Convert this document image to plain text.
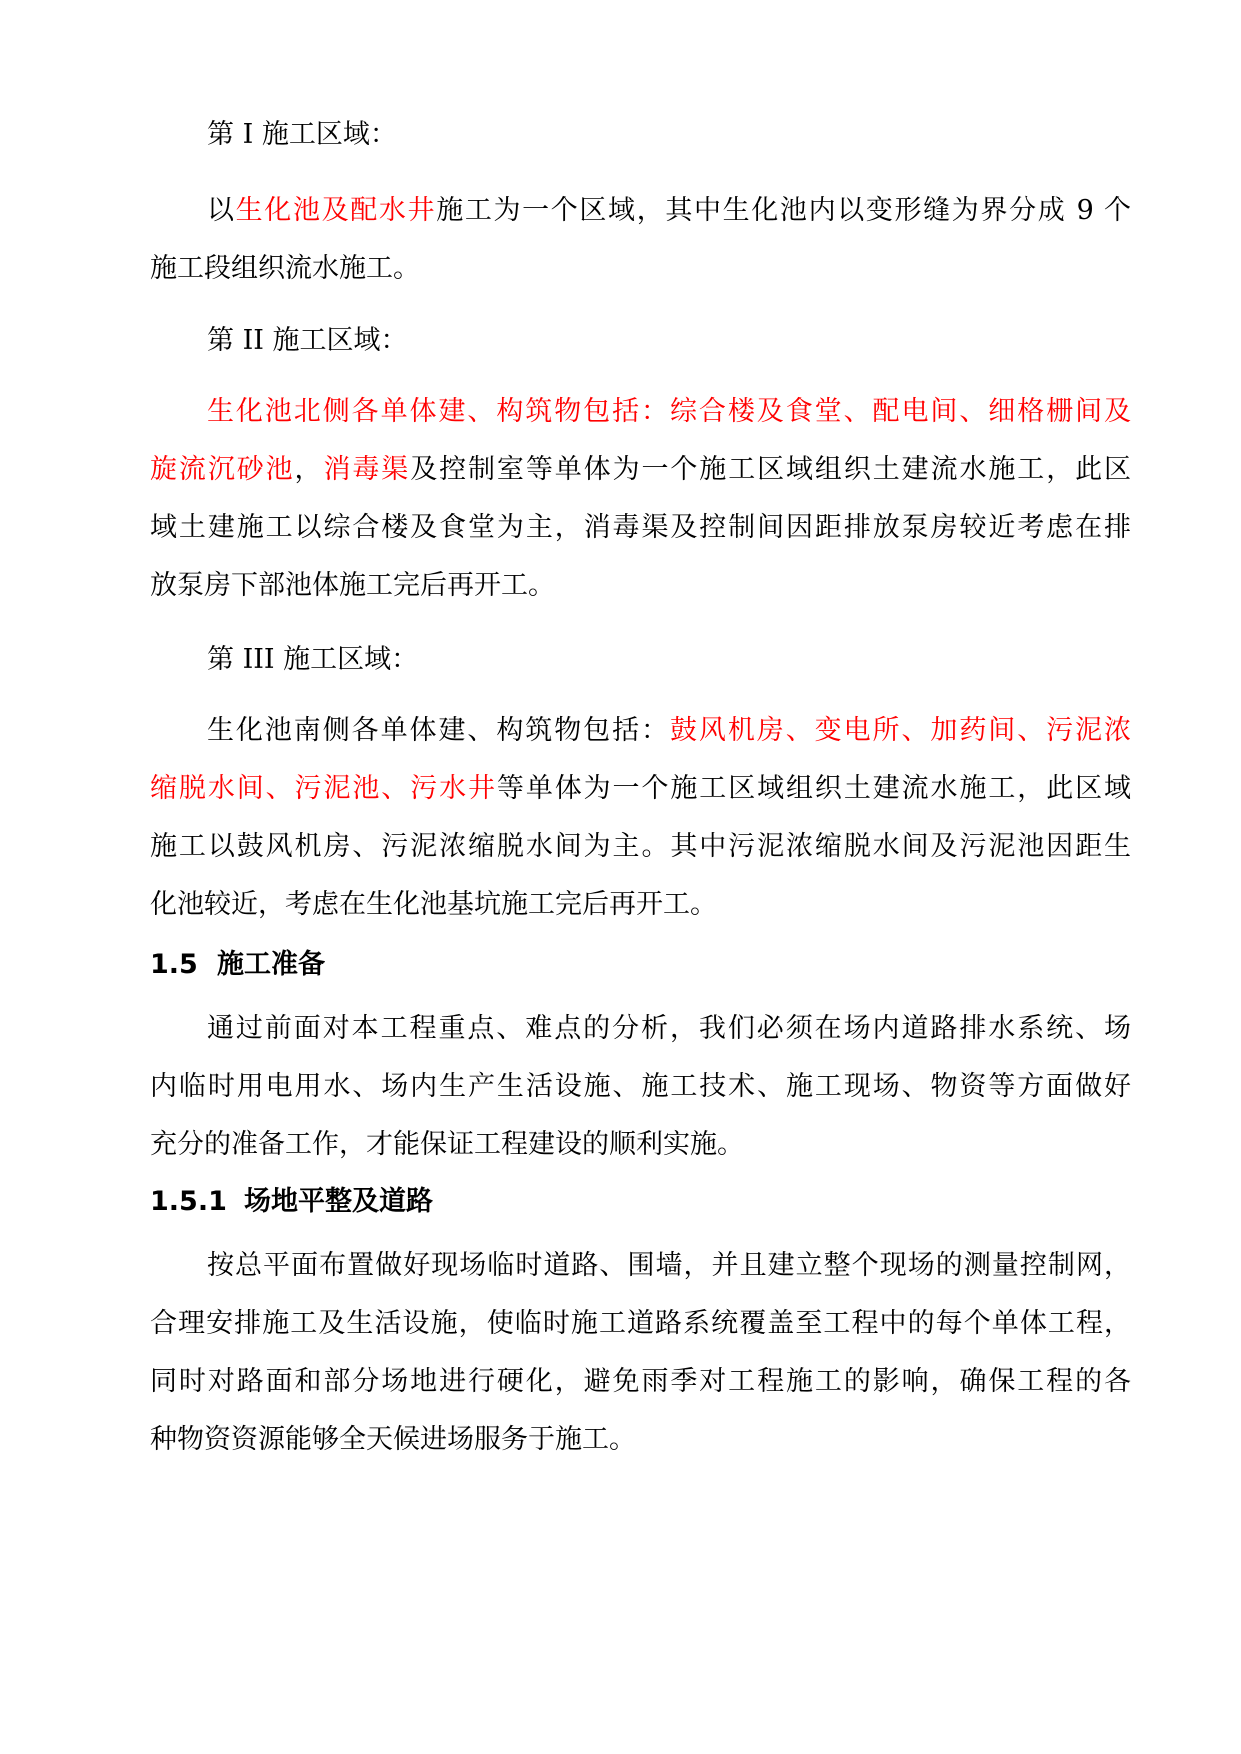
第 I 施工区域：

以生化池及配水井施工为一个区域，其中生化池内以变形缝为界分成 9 个

施工段组织流水施工。

第 II 施工区域：

生化池北侧各单体建、构筑物包括：综合楼及食堂、配电间、细格栅间及

旋流沉砂池，消毒渠及控制室等单体为一个施工区域组织土建流水施工，此区

域土建施工以综合楼及食堂为主，消毒渠及控制间因距排放泵房较近考虑在排

放泵房下部池体施工完后再开工。

第 III 施工区域：

生化池南侧各单体建、构筑物包括：鼓风机房、变电所、加药间、污泥浓

缩脱水间、污泥池、污水井等单体为一个施工区域组织土建流水施工，此区域

施工以鼓风机房、污泥浓缩脱水间为主。其中污泥浓缩脱水间及污泥池因距生

化池较近，考虑在生化池基坑施工完后再开工。

1.5 施工准备

通过前面对本工程重点、难点的分析，我们必须在场内道路排水系统、场

内临时用电用水、场内生产生活设施、施工技术、施工现场、物资等方面做好

充分的准备工作，才能保证工程建设的顺利实施。

1.5.1 场地平整及道路

按总平面布置做好现场临时道路、围墙，并且建立整个现场的测量控制网，

合理安排施工及生活设施，使临时施工道路系统覆盖至工程中的每个单体工程，

同时对路面和部分场地进行硬化，避免雨季对工程施工的影响，确保工程的各

种物资资源能够全天候进场服务于施工。
